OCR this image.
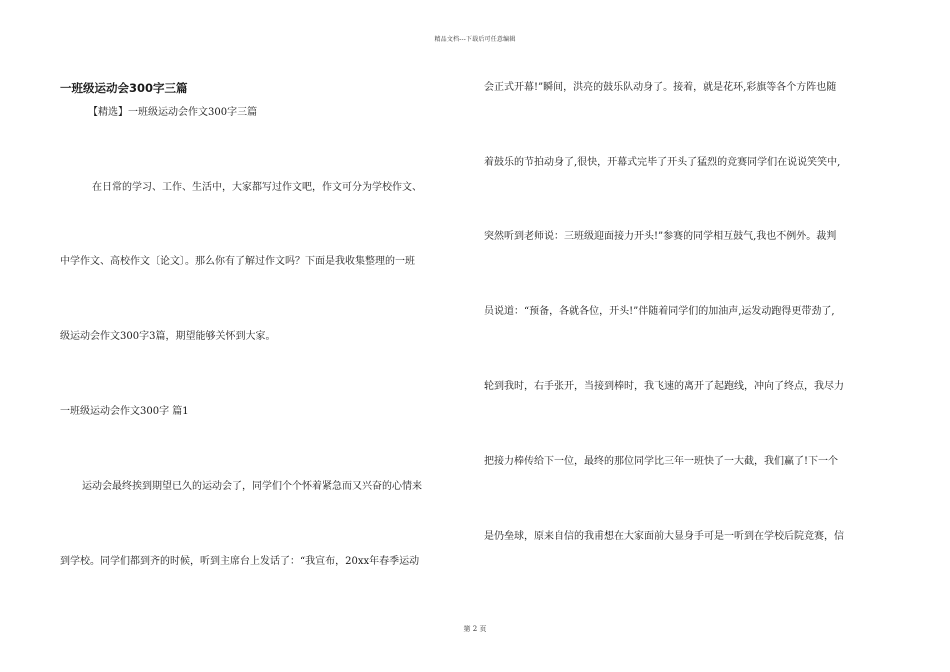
精品文档---下载后可任意编辑
一班级运动会300字三篇
【精选】一班级运动会作文300字三篇
在日常的学习、工作、生活中，大家都写过作文吧，作文可分为学校作文、
中学作文、高校作文〔论文〕。那么你有了解过作文吗？下面是我收集整理的一班
级运动会作文300字3篇，期望能够关怀到大家。
一班级运动会作文300字 篇1
运动会最终挨到期望已久的运动会了，同学们个个怀着紧急而又兴奋的心情来
到学校。同学们都到齐的时候，听到主席台上发话了：“我宣布，20xx年春季运动
会正式开幕!”瞬间，洪亮的鼓乐队动身了。接着，就是花环,彩旗等各个方阵也随
着鼓乐的节拍动身了,很快，开幕式完毕了开头了猛烈的竞赛同学们在说说笑笑中,
突然听到老师说：三班级迎面接力开头!”参赛的同学相互鼓气,我也不例外。裁判
员说道：“预备，各就各位，开头!”伴随着同学们的加油声,运发动跑得更带劲了,
轮到我时，右手张开，当接到棒时，我飞速的离开了起跑线，冲向了终点，我尽力
把接力棒传给下一位，最终的那位同学比三年一班快了一大截，我们赢了!下一个
是仍垒球，原来自信的我甫想在大家面前大显身手可是一听到在学校后院竞赛，信
第 2 页
